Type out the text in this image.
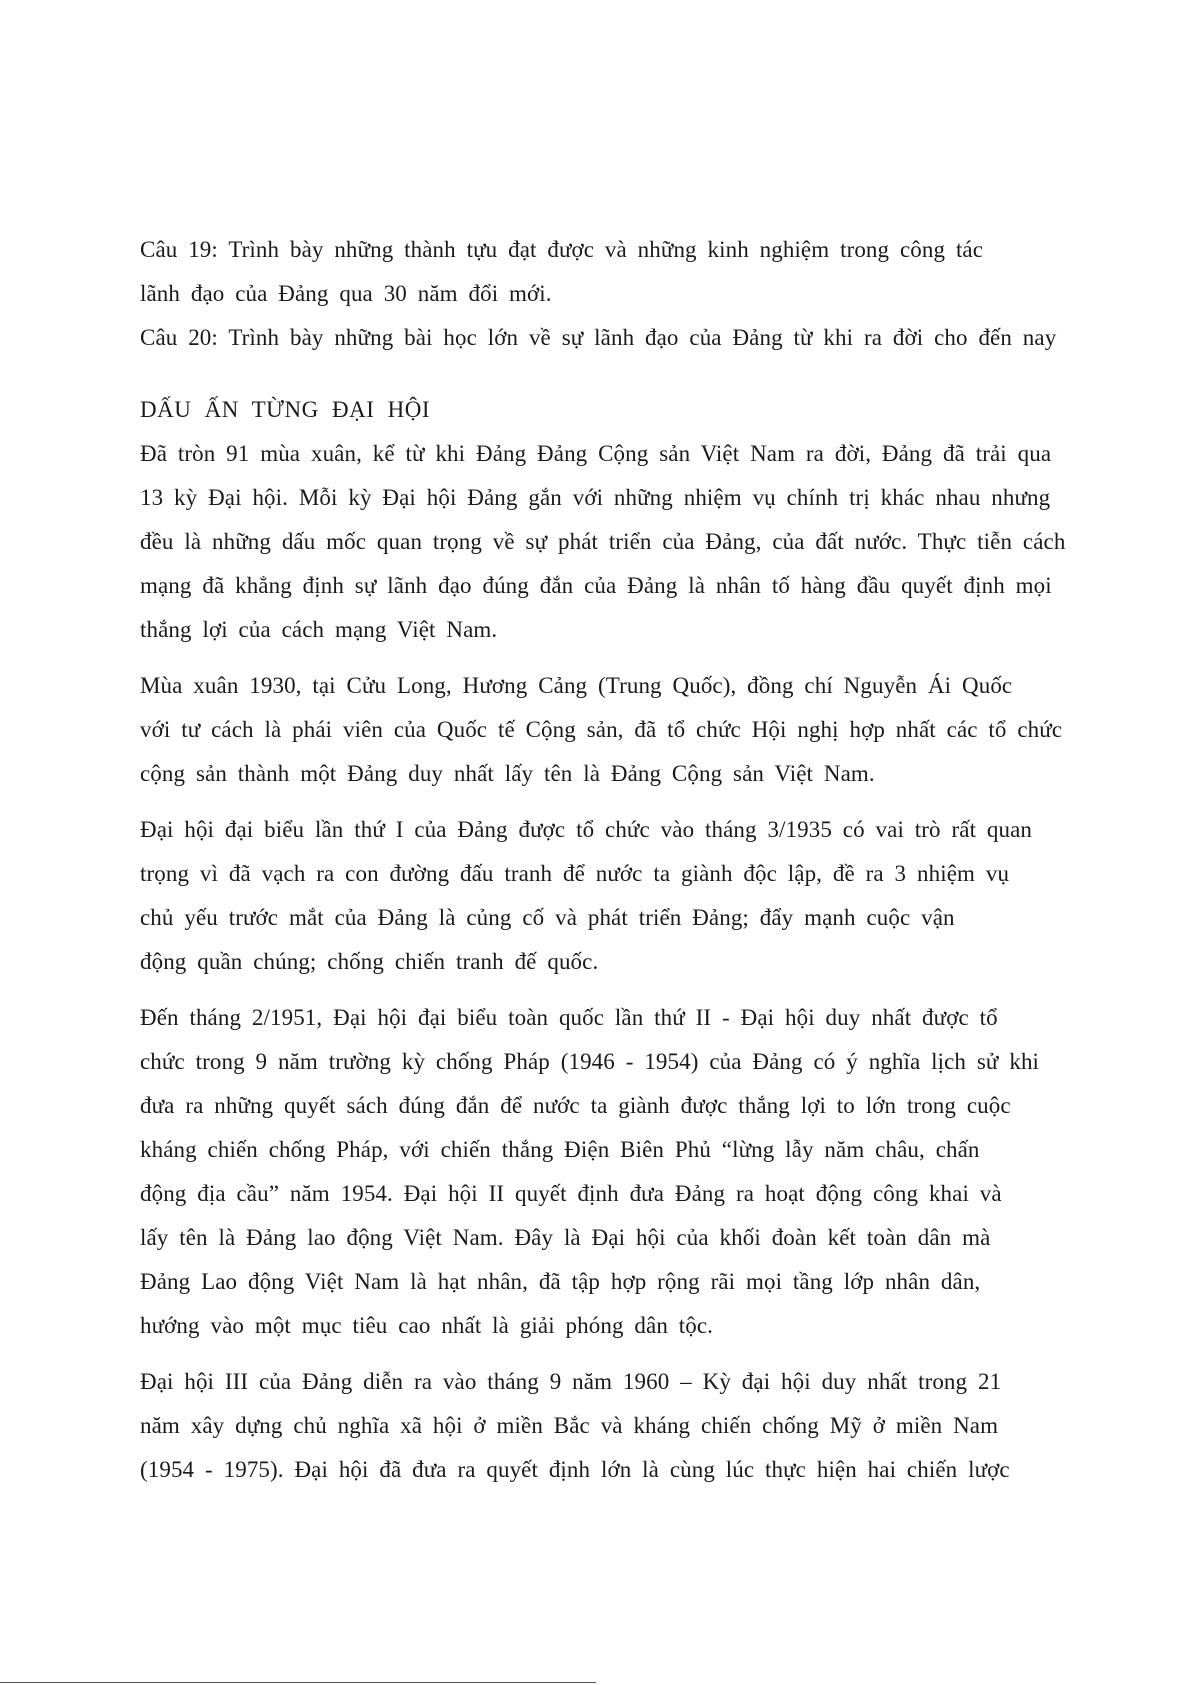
Câu 19: Trình bày những thành tựu đạt được và những kinh nghiệm trong công tác
lãnh đạo của Đảng qua 30 năm đổi mới.
Câu 20: Trình bày những bài học lớn về sự lãnh đạo của Đảng từ khi ra đời cho đến nay
DẤU ẤN TỪNG ĐẠI HỘI
Đã tròn 91 mùa xuân, kể từ khi Đảng Đảng Cộng sản Việt Nam ra đời, Đảng đã trải qua
13 kỳ Đại hội. Mỗi kỳ Đại hội Đảng gắn với những nhiệm vụ chính trị khác nhau nhưng
đều là những dấu mốc quan trọng về sự phát triển của Đảng, của đất nước. Thực tiễn cách
mạng đã khẳng định sự lãnh đạo đúng đắn của Đảng là nhân tố hàng đầu quyết định mọi
thắng lợi của cách mạng Việt Nam.
Mùa xuân 1930, tại Cửu Long, Hương Cảng (Trung Quốc), đồng chí Nguyễn Ái Quốc
với tư cách là phái viên của Quốc tế Cộng sản, đã tổ chức Hội nghị hợp nhất các tổ chức
cộng sản thành một Đảng duy nhất lấy tên là Đảng Cộng sản Việt Nam.
Đại hội đại biểu lần thứ I của Đảng được tổ chức vào tháng 3/1935 có vai trò rất quan
trọng vì đã vạch ra con đường đấu tranh để nước ta giành độc lập, đề ra 3 nhiệm vụ
chủ yếu trước mắt của Đảng là củng cố và phát triển Đảng; đẩy mạnh cuộc vận
động quần chúng; chống chiến tranh đế quốc.
Đến tháng 2/1951, Đại hội đại biểu toàn quốc lần thứ II - Đại hội duy nhất được tổ
chức trong 9 năm trường kỳ chống Pháp (1946 - 1954) của Đảng có ý nghĩa lịch sử khi
đưa ra những quyết sách đúng đắn để nước ta giành được thắng lợi to lớn trong cuộc
kháng chiến chống Pháp, với chiến thắng Điện Biên Phủ “lừng lẫy năm châu, chấn
động địa cầu” năm 1954. Đại hội II quyết định đưa Đảng ra hoạt động công khai và
lấy tên là Đảng lao động Việt Nam. Đây là Đại hội của khối đoàn kết toàn dân mà
Đảng Lao động Việt Nam là hạt nhân, đã tập hợp rộng rãi mọi tầng lớp nhân dân,
hướng vào một mục tiêu cao nhất là giải phóng dân tộc.
Đại hội III của Đảng diễn ra vào tháng 9 năm 1960 – Kỳ đại hội duy nhất trong 21
năm xây dựng chủ nghĩa xã hội ở miền Bắc và kháng chiến chống Mỹ ở miền Nam
(1954 - 1975). Đại hội đã đưa ra quyết định lớn là cùng lúc thực hiện hai chiến lược
